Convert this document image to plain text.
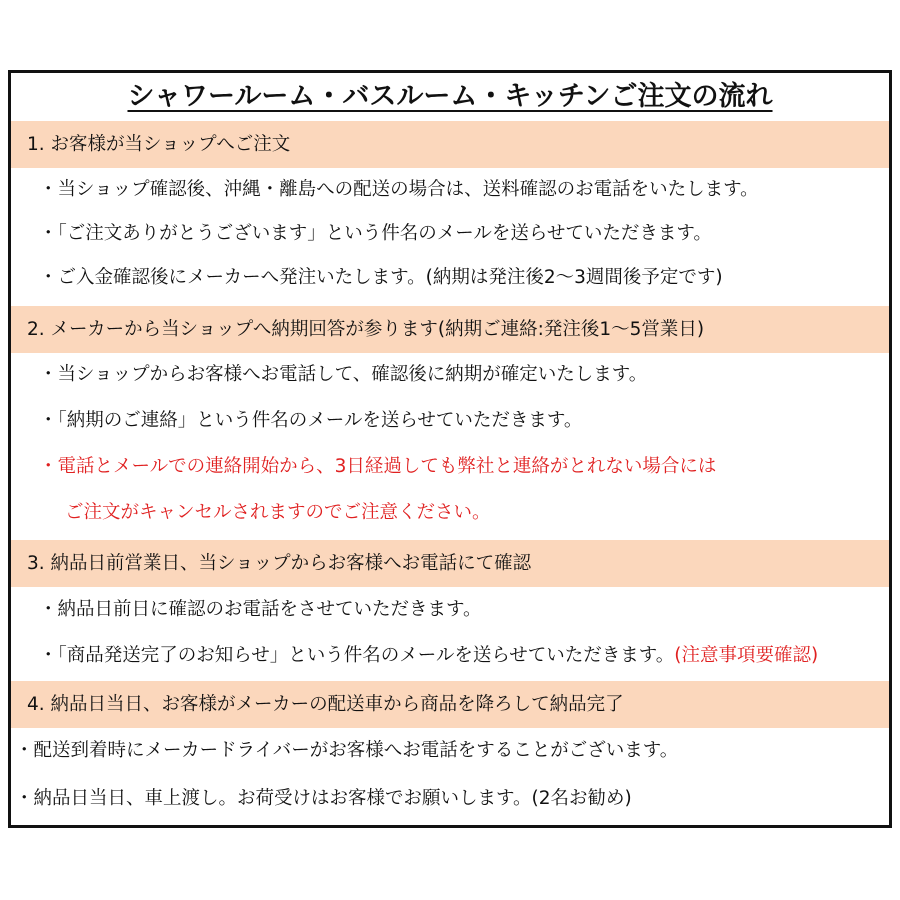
シャワールーム・バスルーム・キッチンご注文の流れ
1. お客様が当ショップへご注文
・当ショップ確認後、沖縄・離島への配送の場合は、送料確認のお電話をいたします。
・「ご注文ありがとうございます」という件名のメールを送らせていただきます。
・ご入金確認後にメーカーへ発注いたします。(納期は発注後2〜3週間後予定です)
2. メーカーから当ショップへ納期回答が参ります(納期ご連絡:発注後1〜5営業日)
・当ショップからお客様へお電話して、確認後に納期が確定いたします。
・「納期のご連絡」という件名のメールを送らせていただきます。
・電話とメールでの連絡開始から、3日経過しても弊社と連絡がとれない場合には
ご注文がキャンセルされますのでご注意ください。
3. 納品日前営業日、当ショップからお客様へお電話にて確認
・納品日前日に確認のお電話をさせていただきます。
・「商品発送完了のお知らせ」という件名のメールを送らせていただきます。(注意事項要確認)
4. 納品日当日、お客様がメーカーの配送車から商品を降ろして納品完了
・配送到着時にメーカードライバーがお客様へお電話をすることがございます。
・納品日当日、車上渡し。お荷受けはお客様でお願いします。(2名お勧め)
